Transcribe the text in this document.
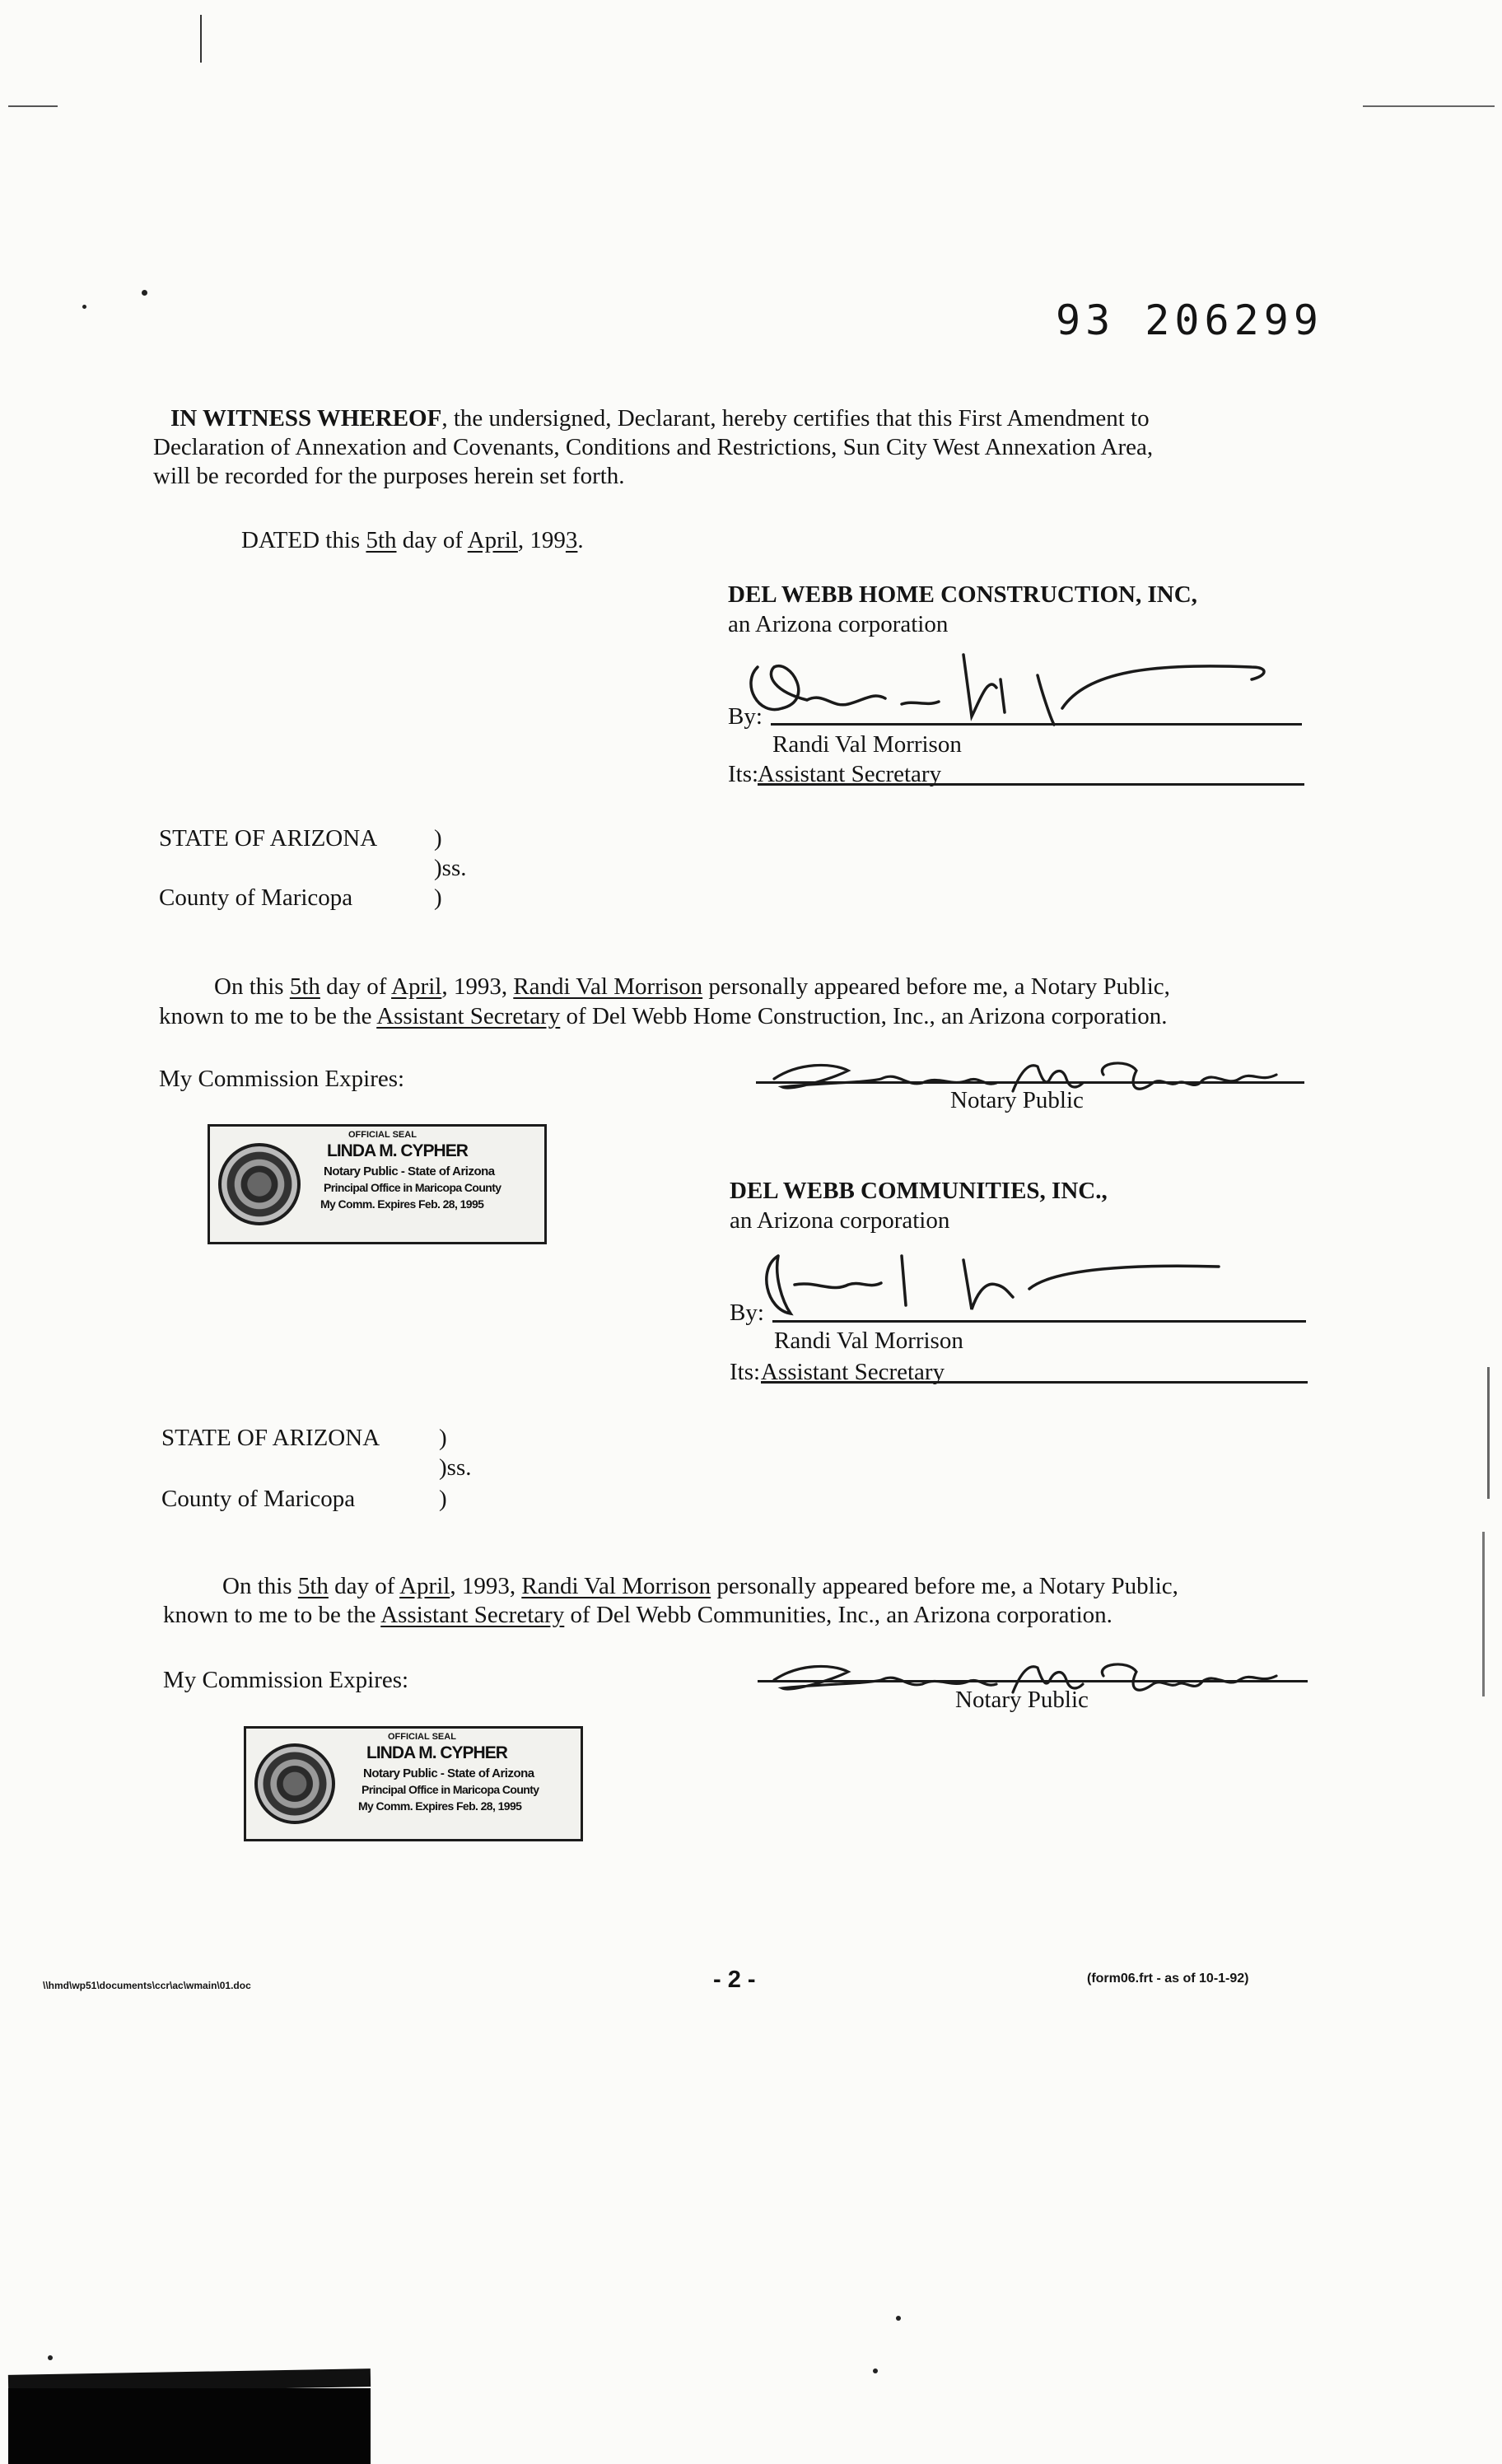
93 206299
IN WITNESS WHEREOF, the undersigned, Declarant, hereby certifies that this First Amendment to
Declaration of Annexation and Covenants, Conditions and Restrictions, Sun City West Annexation Area,
will be recorded for the purposes herein set forth.
DATED this 5th day of April, 1993.
DEL WEBB HOME CONSTRUCTION, INC,
an Arizona corporation
By:
Randi Val Morrison
Its:
Assistant Secretary
STATE OF ARIZONA )
)ss.
County of Maricopa	)
On this 5th day of April, 1993, Randi Val Morrison personally appeared before me, a Notary Public,
known to me to be the Assistant Secretary of Del Webb Home Construction, Inc., an Arizona corporation.
My Commission Expires:
Notary Public
OFFICIAL SEAL
LINDA M. CYPHER
Notary Public - State of Arizona
Principal Office in Maricopa County
My Comm. Expires Feb. 28, 1995	DEL WEBB COMMUNITIES, INC.,
an Arizona corporation
By:
Randi Val Morrison
Its: Assistant Secretary
STATE OF ARIZONA )
)ss.
County of Maricopa	)
On this 5th day of April, 1993, Randi Val Morrison personally appeared before me, a Notary Public,
known to me to be the Assistant Secretary of Del Webb Communities, Inc., an Arizona corporation.
My Commission Expires:
Notary Public
OFFICIAL SEAL
LINDA M. CYPHER
Notary Public - State of Arizona
Principal Office in Maricopa County
My Comm. Expires Feb. 28, 1995
\\hmd\wp51\documents\ccr\ac\wmain\01.doc	- 2 -	(form06.frt - as of 10-1-92)
